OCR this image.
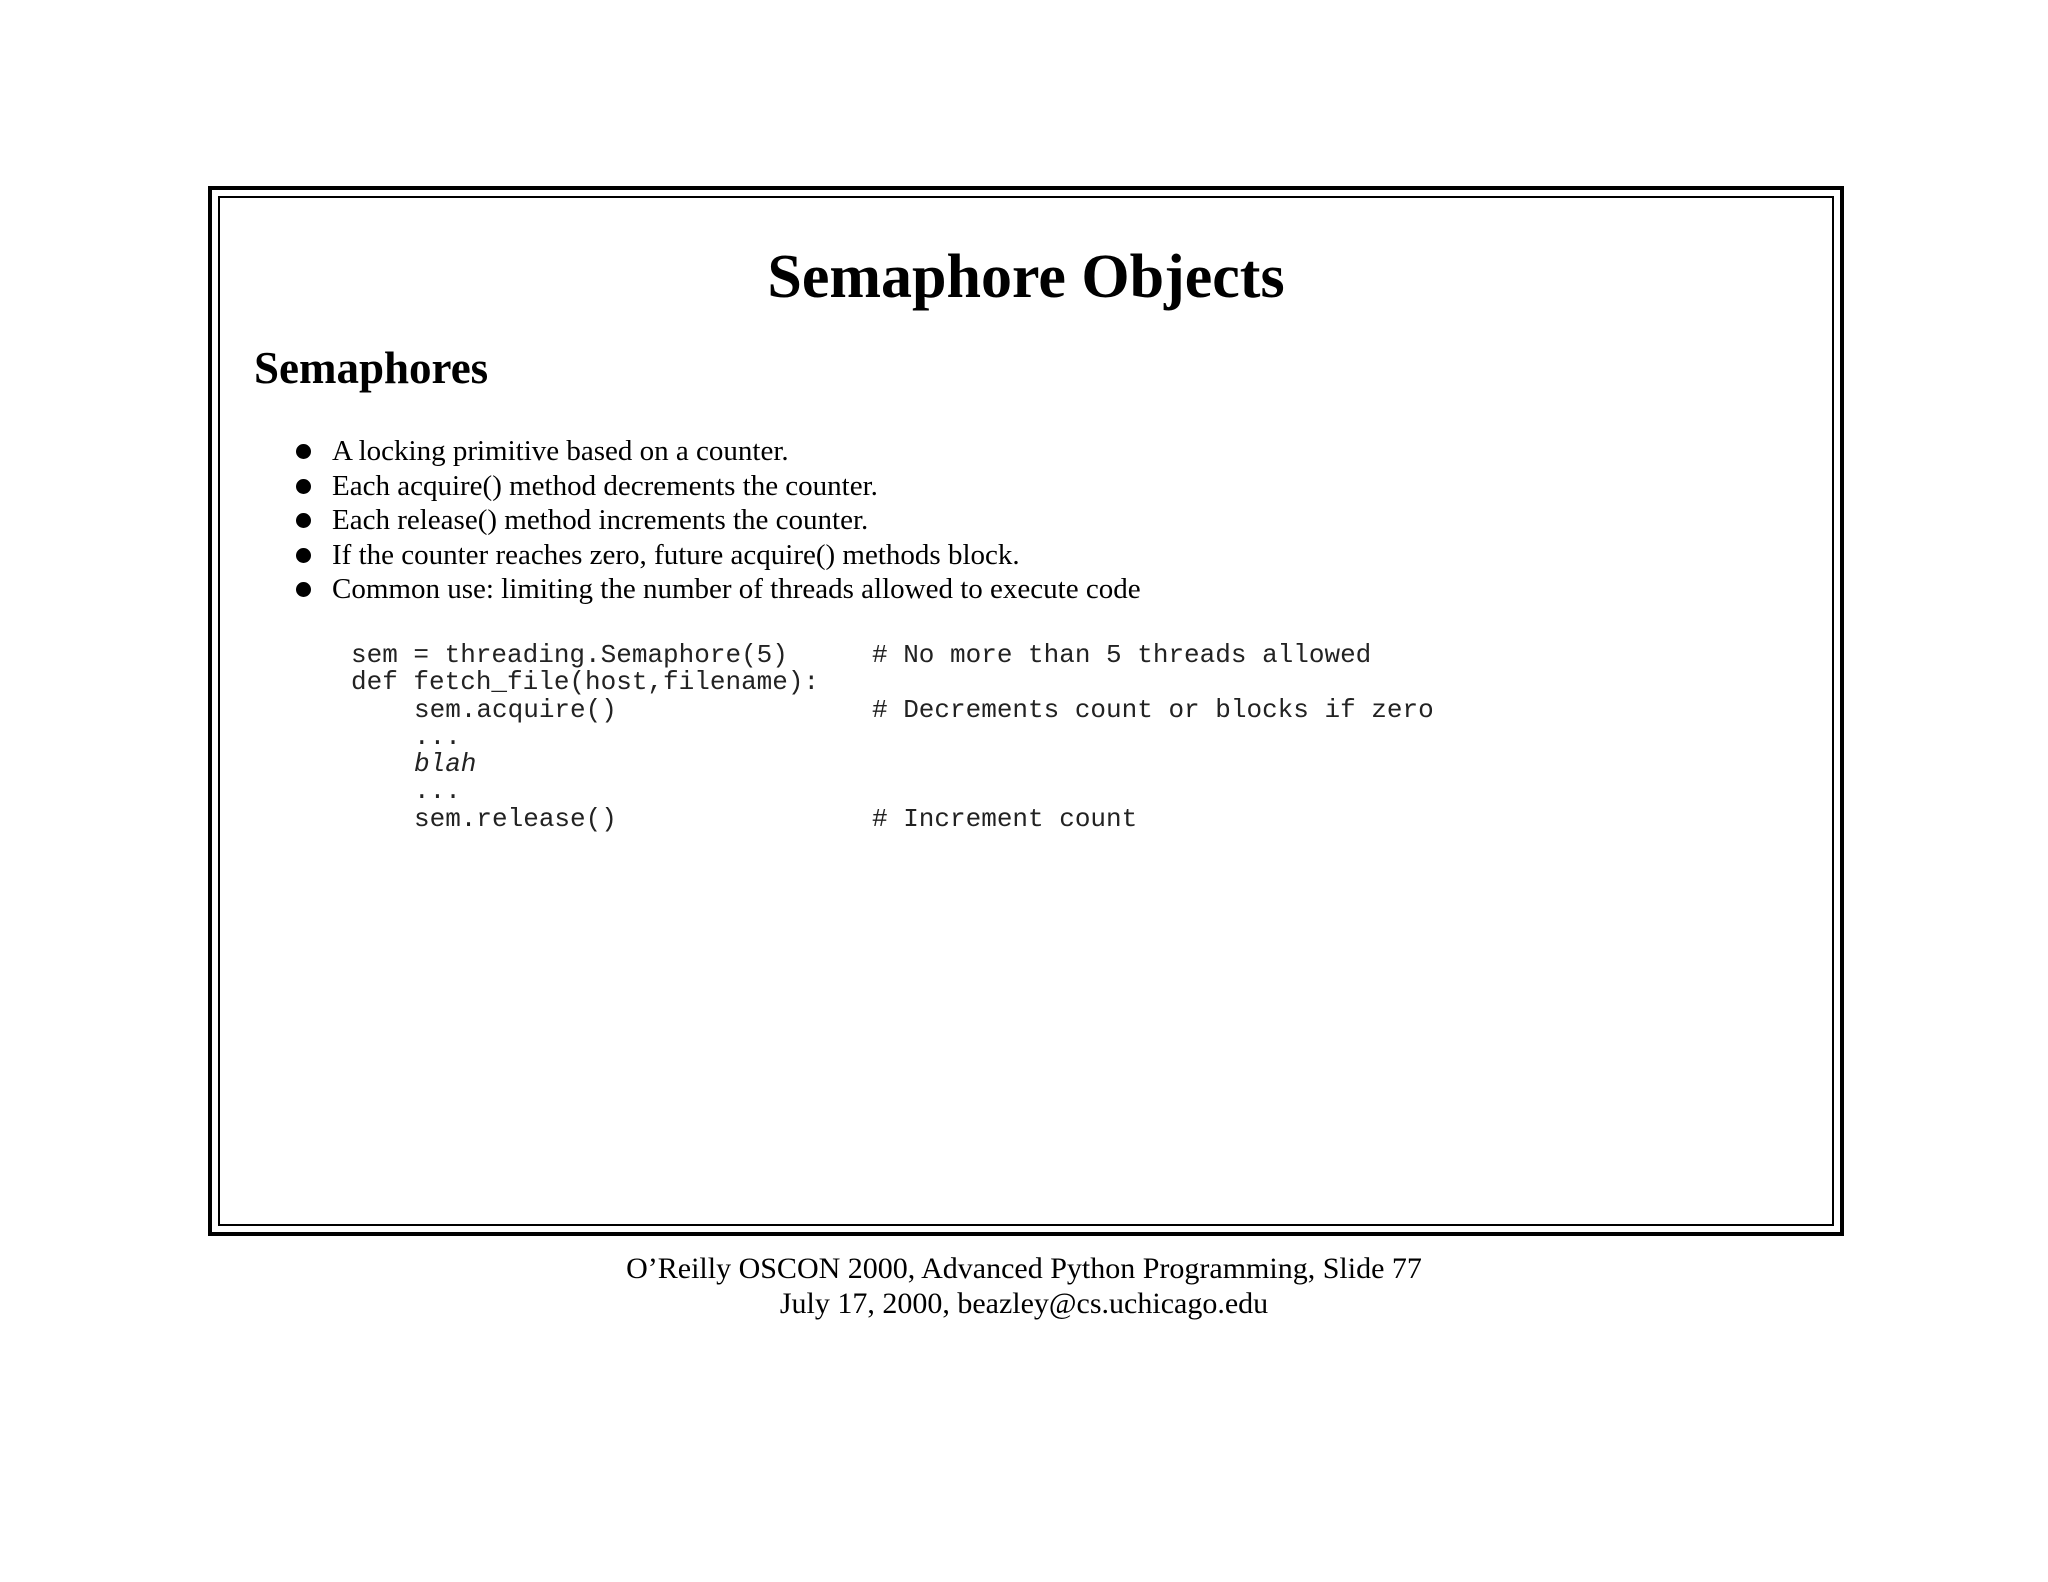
Semaphore Objects
Semaphores
A locking primitive based on a counter.
Each acquire() method decrements the counter.
Each release() method increments the counter.
If the counter reaches zero, future acquire() methods block.
Common use: limiting the number of threads allowed to execute code

sem = threading.Semaphore(5)

	# No more than 5 threads allowed

def fetch_file(host,filename):

sem.acquire()

	# Decrements count or blocks if zero

...

blah

...

sem.release()

	# Increment count

O’Reilly OSCON 2000, Advanced Python Programming, Slide 77
July 17, 2000, beazley@cs.uchicago.edu
